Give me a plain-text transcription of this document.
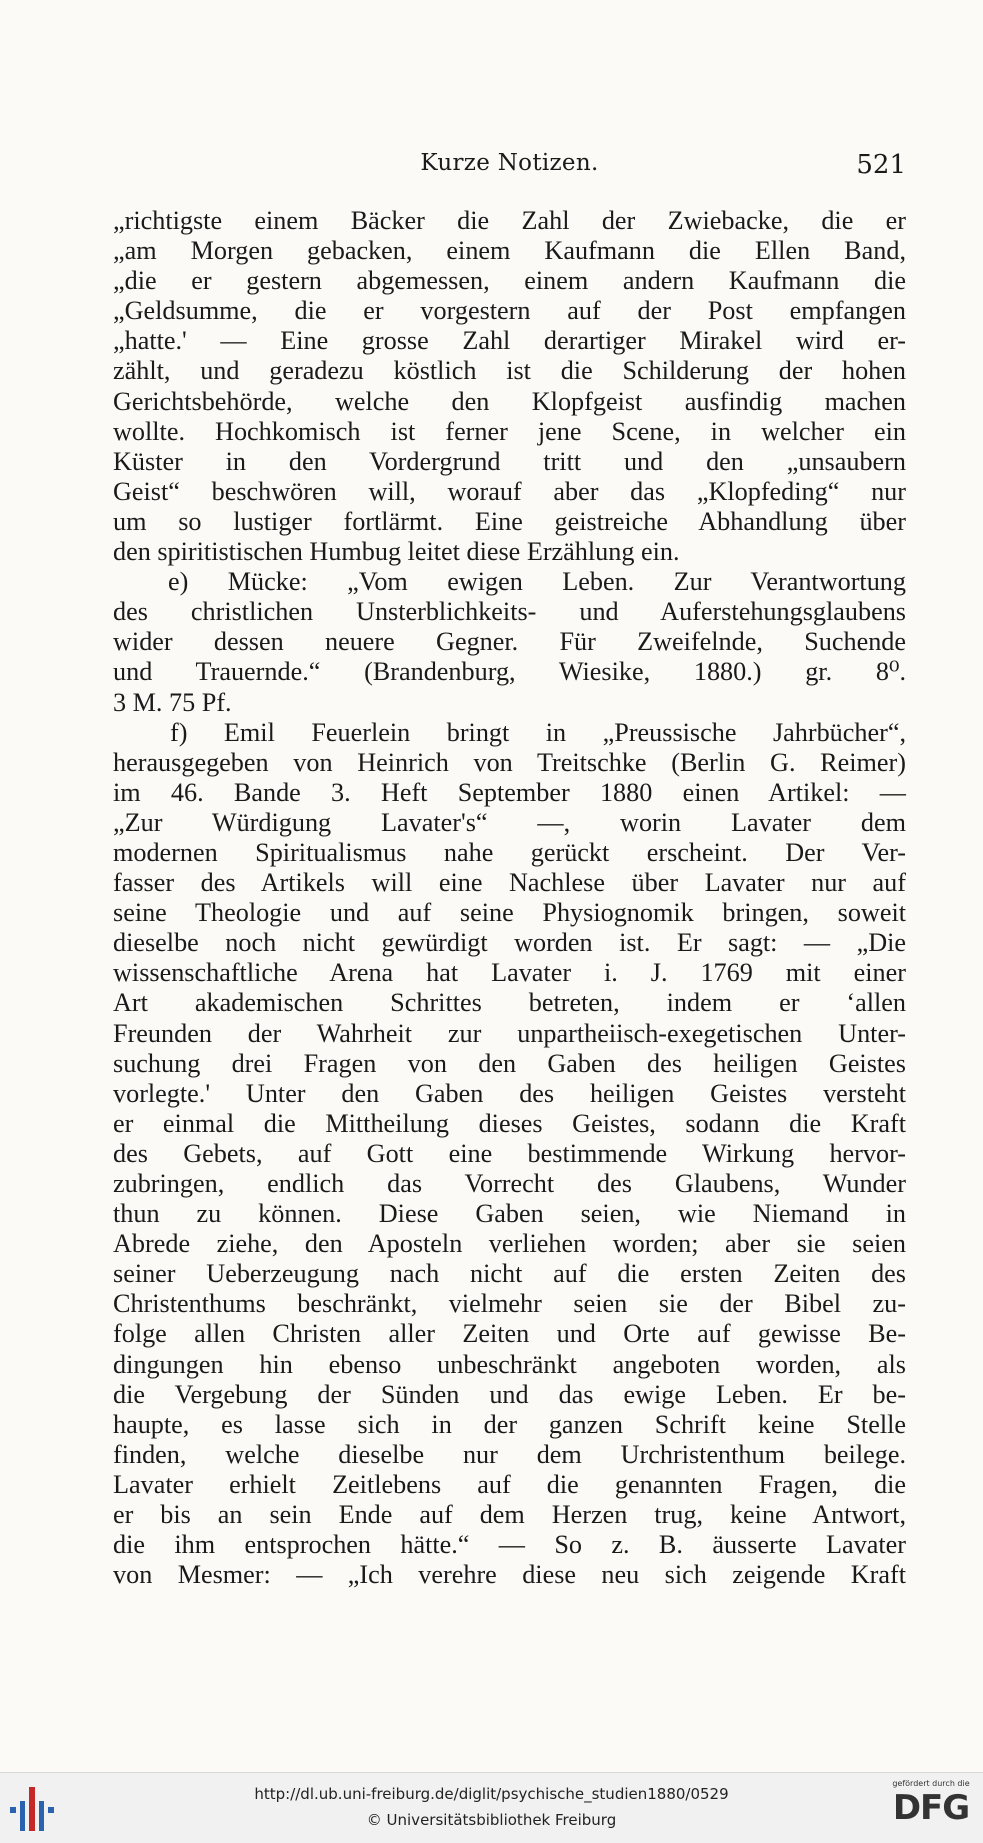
Kurze Notizen.	521
„richtigste einem Bäcker die Zahl der Zwiebacke, die er
„am Morgen gebacken, einem Kaufmann die Ellen Band,
„die er gestern abgemessen, einem andern Kaufmann die
„Geldsumme, die er vorgestern auf der Post empfangen
„hatte.' –– Eine grosse Zahl derartiger Mirakel wird er-
zählt, und geradezu köstlich ist die Schilderung der hohen
Gerichtsbehörde, welche den Klopfgeist ausfindig machen
wollte. Hochkomisch ist ferner jene Scene, in welcher ein
Küster in den Vordergrund tritt und den „unsaubern
Geist“ beschwören will, worauf aber das „Klopfeding“ nur
um so lustiger fortlärmt. Eine geistreiche Abhandlung über
den spiritistischen Humbug leitet diese Erzählung ein.
e) Mücke: „Vom ewigen Leben. Zur Verantwortung
des christlichen Unsterblichkeits- und Auferstehungsglaubens
wider dessen neuere Gegner. Für Zweifelnde, Suchende
und Trauernde.“ (Brandenburg, Wiesike, 1880.) gr. 8⁰.
3 M. 75 Pf.
f) Emil Feuerlein bringt in „Preussische Jahrbücher“,
herausgegeben von Heinrich von Treitschke (Berlin G. Reimer)
im 46. Bande 3. Heft September 1880 einen Artikel: —
„Zur Würdigung Lavater's“ —, worin Lavater dem
modernen Spiritualismus nahe gerückt erscheint. Der Ver-
fasser des Artikels will eine Nachlese über Lavater nur auf
seine Theologie und auf seine Physiognomik bringen, soweit
dieselbe noch nicht gewürdigt worden ist. Er sagt: — „Die
wissenschaftliche Arena hat Lavater i. J. 1769 mit einer
Art akademischen Schrittes betreten, indem er ‘allen
Freunden der Wahrheit zur unpartheiisch-exegetischen Unter-
suchung drei Fragen von den Gaben des heiligen Geistes
vorlegte.' Unter den Gaben des heiligen Geistes versteht
er einmal die Mittheilung dieses Geistes, sodann die Kraft
des Gebets, auf Gott eine bestimmende Wirkung hervor-
zubringen, endlich das Vorrecht des Glaubens, Wunder
thun zu können. Diese Gaben seien, wie Niemand in
Abrede ziehe, den Aposteln verliehen worden; aber sie seien
seiner Ueberzeugung nach nicht auf die ersten Zeiten des
Christenthums beschränkt, vielmehr seien sie der Bibel zu-
folge allen Christen aller Zeiten und Orte auf gewisse Be-
dingungen hin ebenso unbeschränkt angeboten worden, als
die Vergebung der Sünden und das ewige Leben. Er be-
haupte, es lasse sich in der ganzen Schrift keine Stelle
finden, welche dieselbe nur dem Urchristenthum beilege.
Lavater erhielt Zeitlebens auf die genannten Fragen, die
er bis an sein Ende auf dem Herzen trug, keine Antwort,
die ihm entsprochen hätte.“ — So z. B. äusserte Lavater
von Mesmer: — „Ich verehre diese neu sich zeigende Kraft
http://dl.ub.uni-freiburg.de/diglit/psychische_studien1880/0529
© Universitätsbibliothek Freiburg
gefördert durch die
DFG
